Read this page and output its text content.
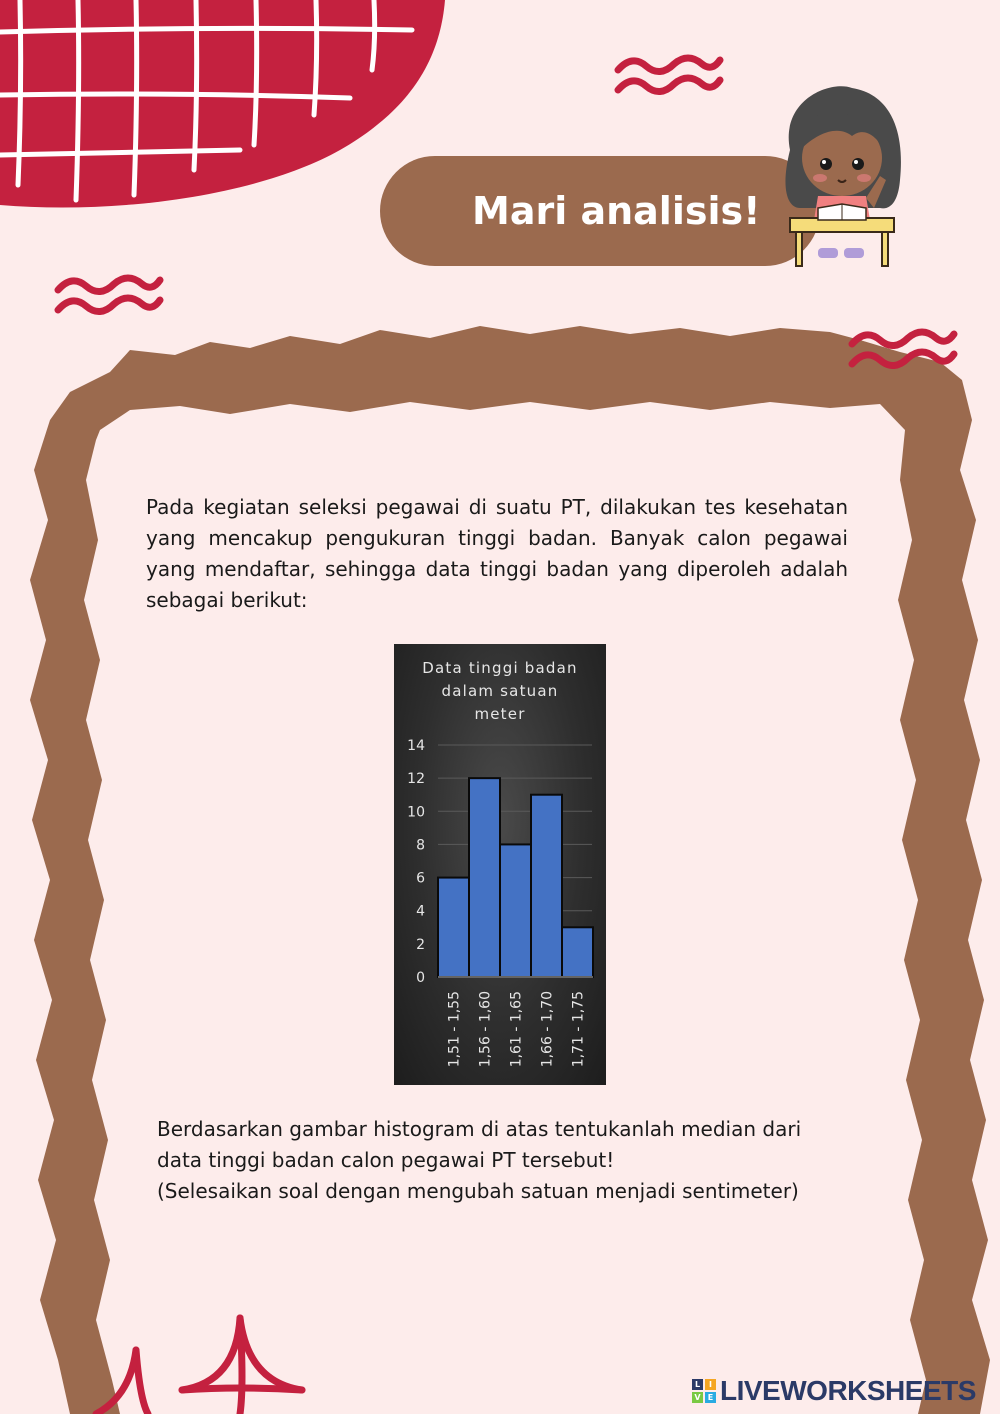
Mari analisis!
Pada kegiatan seleksi pegawai di suatu PT, dilakukan tes kesehatan yang mencakup pengukuran tinggi badan. Banyak calon pegawai yang mendaftar, sehingga data tinggi badan yang diperoleh adalah sebagai berikut:
Data tinggi badan
dalam satuan
meter
0
2
4
6
8
10
12
14
1,51 - 1,55 1,56 - 1,60 1,61 - 1,65 1,66 - 1,70 1,71 - 1,75
Berdasarkan gambar histogram di atas tentukanlah median dari
data tinggi badan calon pegawai PT tersebut!
(Selesaikan soal dengan mengubah satuan menjadi sentimeter)
L	I
V E LIVEWORKSHEETS
